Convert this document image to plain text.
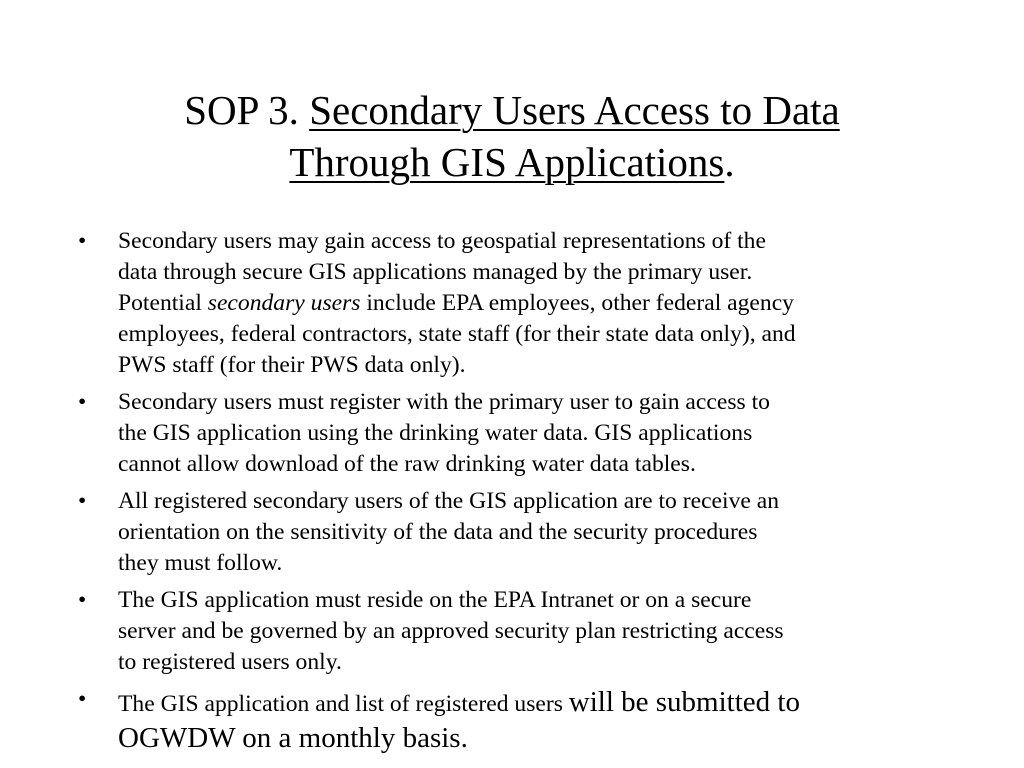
SOP 3. Secondary Users Access to Data
Through GIS Applications.
•	Secondary users may gain access to geospatial representations of the
data through secure GIS applications managed by the primary user.
Potential secondary users include EPA employees, other federal agency
employees, federal contractors, state staff (for their state data only), and
PWS staff (for their PWS data only).
•	Secondary users must register with the primary user to gain access to
the GIS application using the drinking water data. GIS applications
cannot allow download of the raw drinking water data tables.
•	All registered secondary users of the GIS application are to receive an
orientation on the sensitivity of the data and the security procedures
they must follow.
•	The GIS application must reside on the EPA Intranet or on a secure
server and be governed by an approved security plan restricting access
to registered users only.
•	The GIS application and list of registered users will be submitted to
OGWDW on a monthly basis.
